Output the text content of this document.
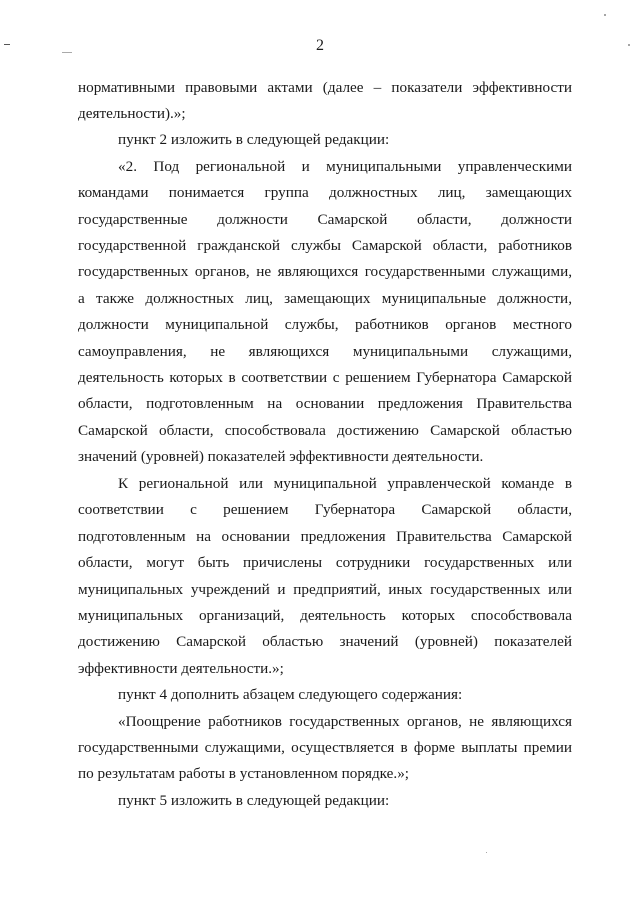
2
нормативными правовыми актами (далее – показатели эффективности
деятельности).»;
пункт 2 изложить в следующей редакции:
«2. Под региональной и муниципальными управленческими
командами понимается группа должностных лиц, замещающих
государственные должности Самарской области, должности
государственной гражданской службы Самарской области, работников
государственных органов, не являющихся государственными служащими,
а также должностных лиц, замещающих муниципальные должности,
должности муниципальной службы, работников органов местного
самоуправления, не являющихся муниципальными служащими,
деятельность которых в соответствии с решением Губернатора Самарской
области, подготовленным на основании предложения Правительства
Самарской области, способствовала достижению Самарской областью
значений (уровней) показателей эффективности деятельности.
К региональной или муниципальной управленческой команде в
соответствии с решением Губернатора Самарской области,
подготовленным на основании предложения Правительства Самарской
области, могут быть причислены сотрудники государственных или
муниципальных учреждений и предприятий, иных государственных или
муниципальных организаций, деятельность которых способствовала
достижению Самарской областью значений (уровней) показателей
эффективности деятельности.»;
пункт 4 дополнить абзацем следующего содержания:
«Поощрение работников государственных органов, не являющихся
государственными служащими, осуществляется в форме выплаты премии
по результатам работы в установленном порядке.»;
пункт 5 изложить в следующей редакции:
